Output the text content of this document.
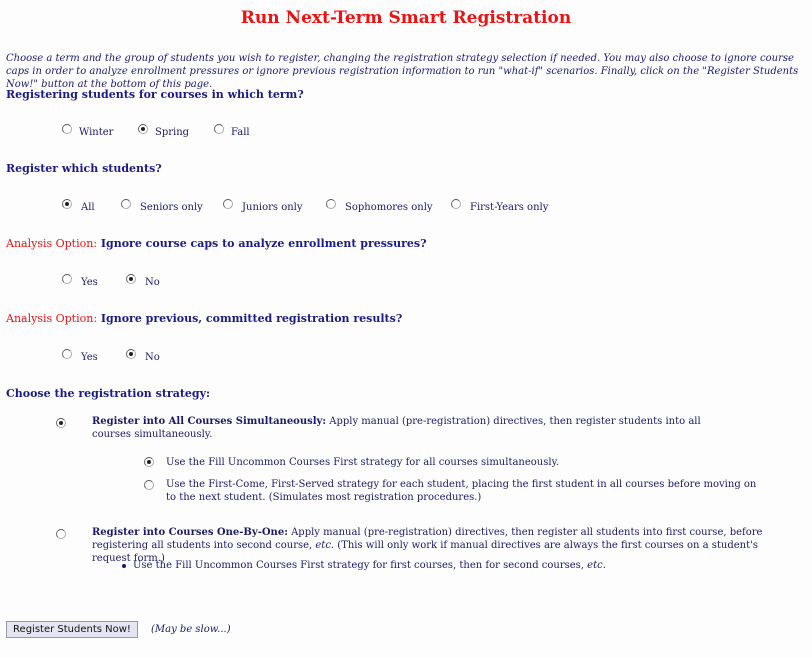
Run Next-Term Smart Registration
Choose a term and the group of students you wish to register, changing the registration strategy selection if needed. You may also choose to ignore course caps in order to analyze enrollment pressures or ignore previous registration information to run "what-if" scenarios. Finally, click on the "Register Students Now!" button at the bottom of this page.
Registering students for courses in which term?
Winter	Spring	Fall
Register which students?
All	Seniors only	Juniors only	Sophomores only	First-Years only
Analysis Option: Ignore course caps to analyze enrollment pressures?
Yes	No
Analysis Option: Ignore previous, committed registration results?
Yes	No
Choose the registration strategy:
Register into All Courses Simultaneously: Apply manual (pre-registration) directives, then register students into all courses simultaneously.
Use the Fill Uncommon Courses First strategy for all courses simultaneously.
Use the First-Come, First-Served strategy for each student, placing the first student in all courses before moving on to the next student. (Simulates most registration procedures.)
Register into Courses One-By-One: Apply manual (pre-registration) directives, then register all students into first course, before registering all students into second course, etc. (This will only work if manual directives are always the first courses on a student's request form.)
Use the Fill Uncommon Courses First strategy for first courses, then for second courses, etc.
Register Students Now!	(May be slow...)
